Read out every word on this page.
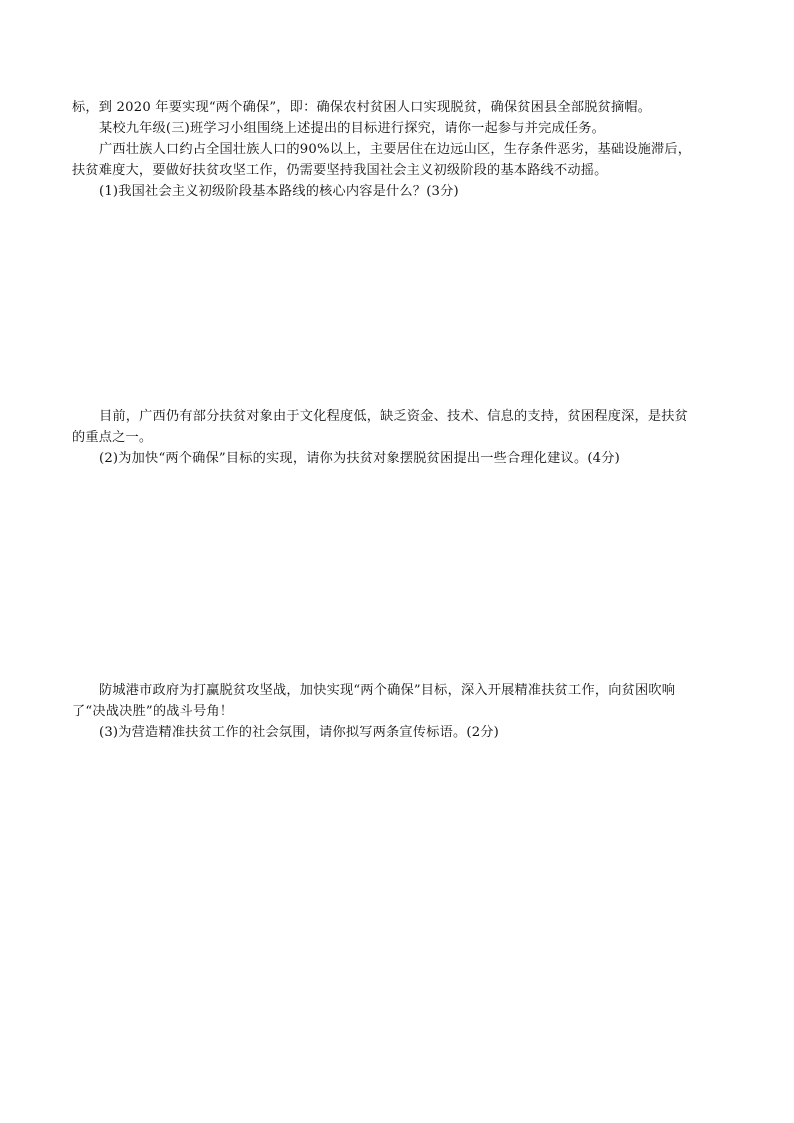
标，到 2020 年要实现“两个确保”，即：确保农村贫困人口实现脱贫，确保贫困县全部脱贫摘帽。

某校九年级(三)班学习小组围绕上述提出的目标进行探究，请你一起参与并完成任务。

广西壮族人口约占全国壮族人口的90%以上，主要居住在边远山区，生存条件恶劣，基础设施滞后，

扶贫难度大，要做好扶贫攻坚工作，仍需要坚持我国社会主义初级阶段的基本路线不动摇。

(1)我国社会主义初级阶段基本路线的核心内容是什么？(3分)

目前，广西仍有部分扶贫对象由于文化程度低，缺乏资金、技术、信息的支持，贫困程度深，是扶贫

的重点之一。

(2)为加快“两个确保”目标的实现，请你为扶贫对象摆脱贫困提出一些合理化建议。(4分)

防城港市政府为打赢脱贫攻坚战，加快实现“两个确保”目标，深入开展精准扶贫工作，向贫困吹响

了“决战决胜”的战斗号角！

(3)为营造精准扶贫工作的社会氛围，请你拟写两条宣传标语。(2分)
